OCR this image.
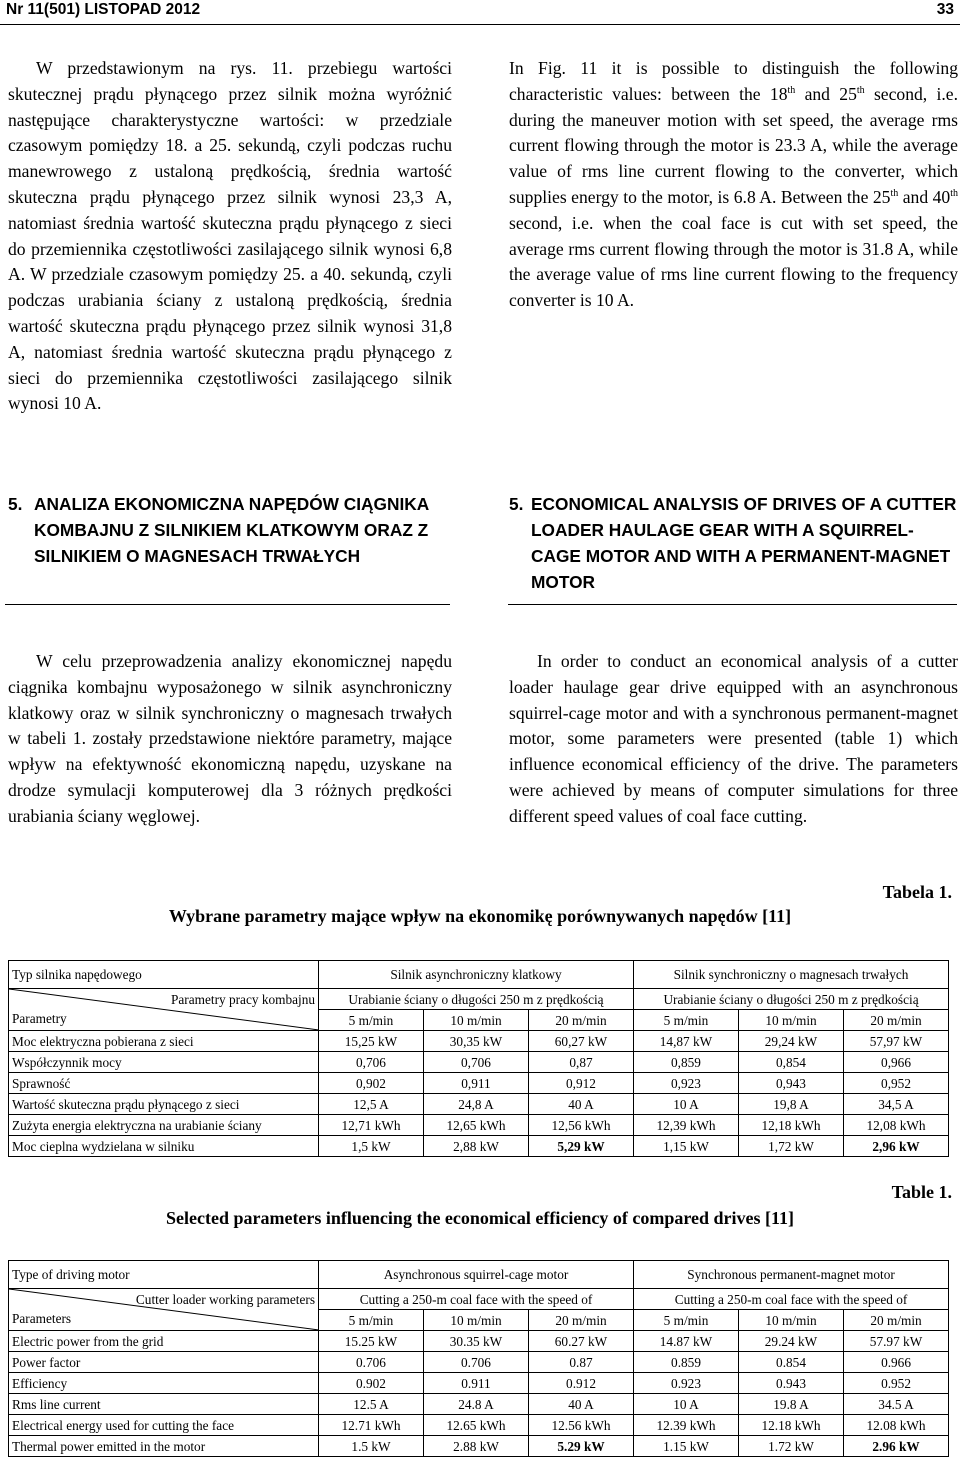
Nr 11(501) LISTOPAD 2012	33
W przedstawionym na rys. 11. przebiegu wartości skutecznej prądu płynącego przez silnik można wyróżnić następujące charakterystyczne wartości: w przedziale czasowym pomiędzy 18. a 25. sekundą, czyli podczas ruchu manewrowego z ustaloną prędkością, średnia wartość skuteczna prądu płynącego przez silnik wynosi 23,3 A, natomiast średnia wartość skuteczna prądu płynącego z sieci do przemiennika częstotliwości zasilającego silnik wynosi 6,8 A. W przedziale czasowym pomiędzy 25. a 40. sekundą, czyli podczas urabiania ściany z ustaloną prędkością, średnia wartość skuteczna prądu płynącego przez silnik wynosi 31,8 A, natomiast średnia wartość skuteczna prądu płynącego z sieci do przemiennika częstotliwości zasilającego silnik wynosi 10 A.
In Fig. 11 it is possible to distinguish the following characteristic values: between the 18th and 25th second, i.e. during the maneuver motion with set speed, the average rms current flowing through the motor is 23.3 A, while the average value of rms line current flowing to the converter, which supplies energy to the motor, is 6.8 A. Between the 25th and 40th second, i.e. when the coal face is cut with set speed, the average rms current flowing through the motor is 31.8 A, while the average value of rms line current flowing to the frequency converter is 10 A.
5. ANALIZA EKONOMICZNA NAPĘDÓW CIĄGNIKA KOMBAJNU Z SILNIKIEM KLATKOWYM ORAZ Z SILNIKIEM O MAGNESACH TRWAŁYCH
5. ECONOMICAL ANALYSIS OF DRIVES OF A CUTTER LOADER HAULAGE GEAR WITH A SQUIRREL-CAGE MOTOR AND WITH A PERMANENT-MAGNET MOTOR
W celu przeprowadzenia analizy ekonomicznej napędu ciągnika kombajnu wyposażonego w silnik asynchroniczny klatkowy oraz w silnik synchroniczny o magnesach trwałych w tabeli 1. zostały przedstawione niektóre parametry, mające wpływ na efektywność ekonomiczną napędu, uzyskane na drodze symulacji komputerowej dla 3 różnych prędkości urabiania ściany węglowej.
In order to conduct an economical analysis of a cutter loader haulage gear drive equipped with an asynchronous squirrel-cage motor and with a synchronous permanent-magnet motor, some parameters were presented (table 1) which influence economical efficiency of the drive. The parameters were achieved by means of computer simulations for three different speed values of coal face cutting.
Tabela 1.
Wybrane parametry mające wpływ na ekonomikę porównywanych napędów [11]
Typ silnika napędowego	Silnik asynchroniczny klatkowy			Silnik synchroniczny o magnesach trwałych		

Parametry pracy kombajnu
Parametry	Urabianie ściany o długości 250 m z prędkością			Urabianie ściany o długości 250 m z prędkością		
	5 m/min	10 m/min	20 m/min	5 m/min	10 m/min	20 m/min
Moc elektryczna pobierana z sieci	15,25 kW	30,35 kW	60,27 kW	14,87 kW	29,24 kW	57,97 kW
Współczynnik mocy	0,706	0,706	0,87	0,859	0,854	0,966
Sprawność	0,902	0,911	0,912	0,923	0,943	0,952
Wartość skuteczna prądu płynącego z sieci	12,5 A	24,8 A	40 A	10 A	19,8 A	34,5 A
Zużyta energia elektryczna na urabianie ściany	12,71 kWh	12,65 kWh	12,56 kWh	12,39 kWh	12,18 kWh	12,08 kWh
Moc cieplna wydzielana w silniku	1,5 kW	2,88 kW	5,29 kW	1,15 kW	1,72 kW	2,96 kW
Table 1.
Selected parameters influencing the economical efficiency of compared drives [11]
Type of driving motor	Asynchronous squirrel-cage motor			Synchronous permanent-magnet motor		

Cutter loader working parameters
Parameters	Cutting a 250-m coal face with the speed of			Cutting a 250-m coal face with the speed of		
	5 m/min	10 m/min	20 m/min	5 m/min	10 m/min	20 m/min
Electric power from the grid	15.25 kW	30.35 kW	60.27 kW	14.87 kW	29.24 kW	57.97 kW
Power factor	0.706	0.706	0.87	0.859	0.854	0.966
Efficiency	0.902	0.911	0.912	0.923	0.943	0.952
Rms line current	12.5 A	24.8 A	40 A	10 A	19.8 A	34.5 A
Electrical energy used for cutting the face	12.71 kWh	12.65 kWh	12.56 kWh	12.39 kWh	12.18 kWh	12.08 kWh
Thermal power emitted in the motor	1.5 kW	2.88 kW	5.29 kW	1.15 kW	1.72 kW	2.96 kW
